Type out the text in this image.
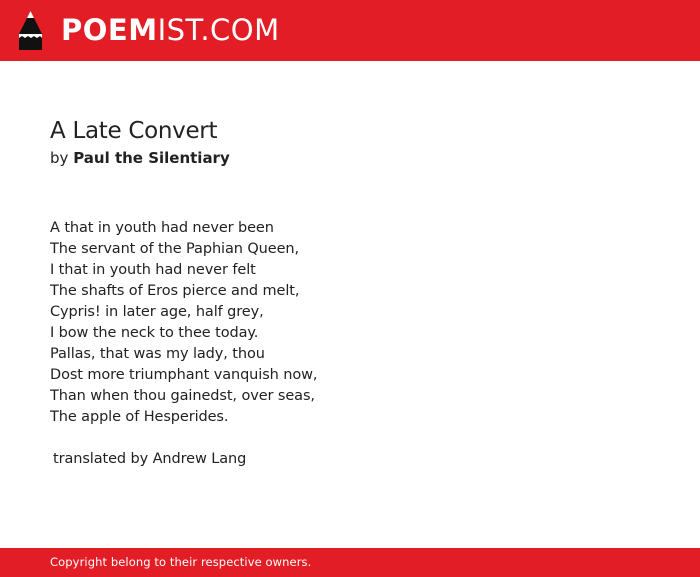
POEMIST.COM
A Late Convert
by Paul the Silentiary
A that in youth had never been
The servant of the Paphian Queen,
I that in youth had never felt
The shafts of Eros pierce and melt,
Cypris! in later age, half grey,
I bow the neck to thee today.
Pallas, that was my lady, thou
Dost more triumphant vanquish now,
Than when thou gainedst, over seas,
The apple of Hesperides.
translated by Andrew Lang
Copyright belong to their respective owners.
